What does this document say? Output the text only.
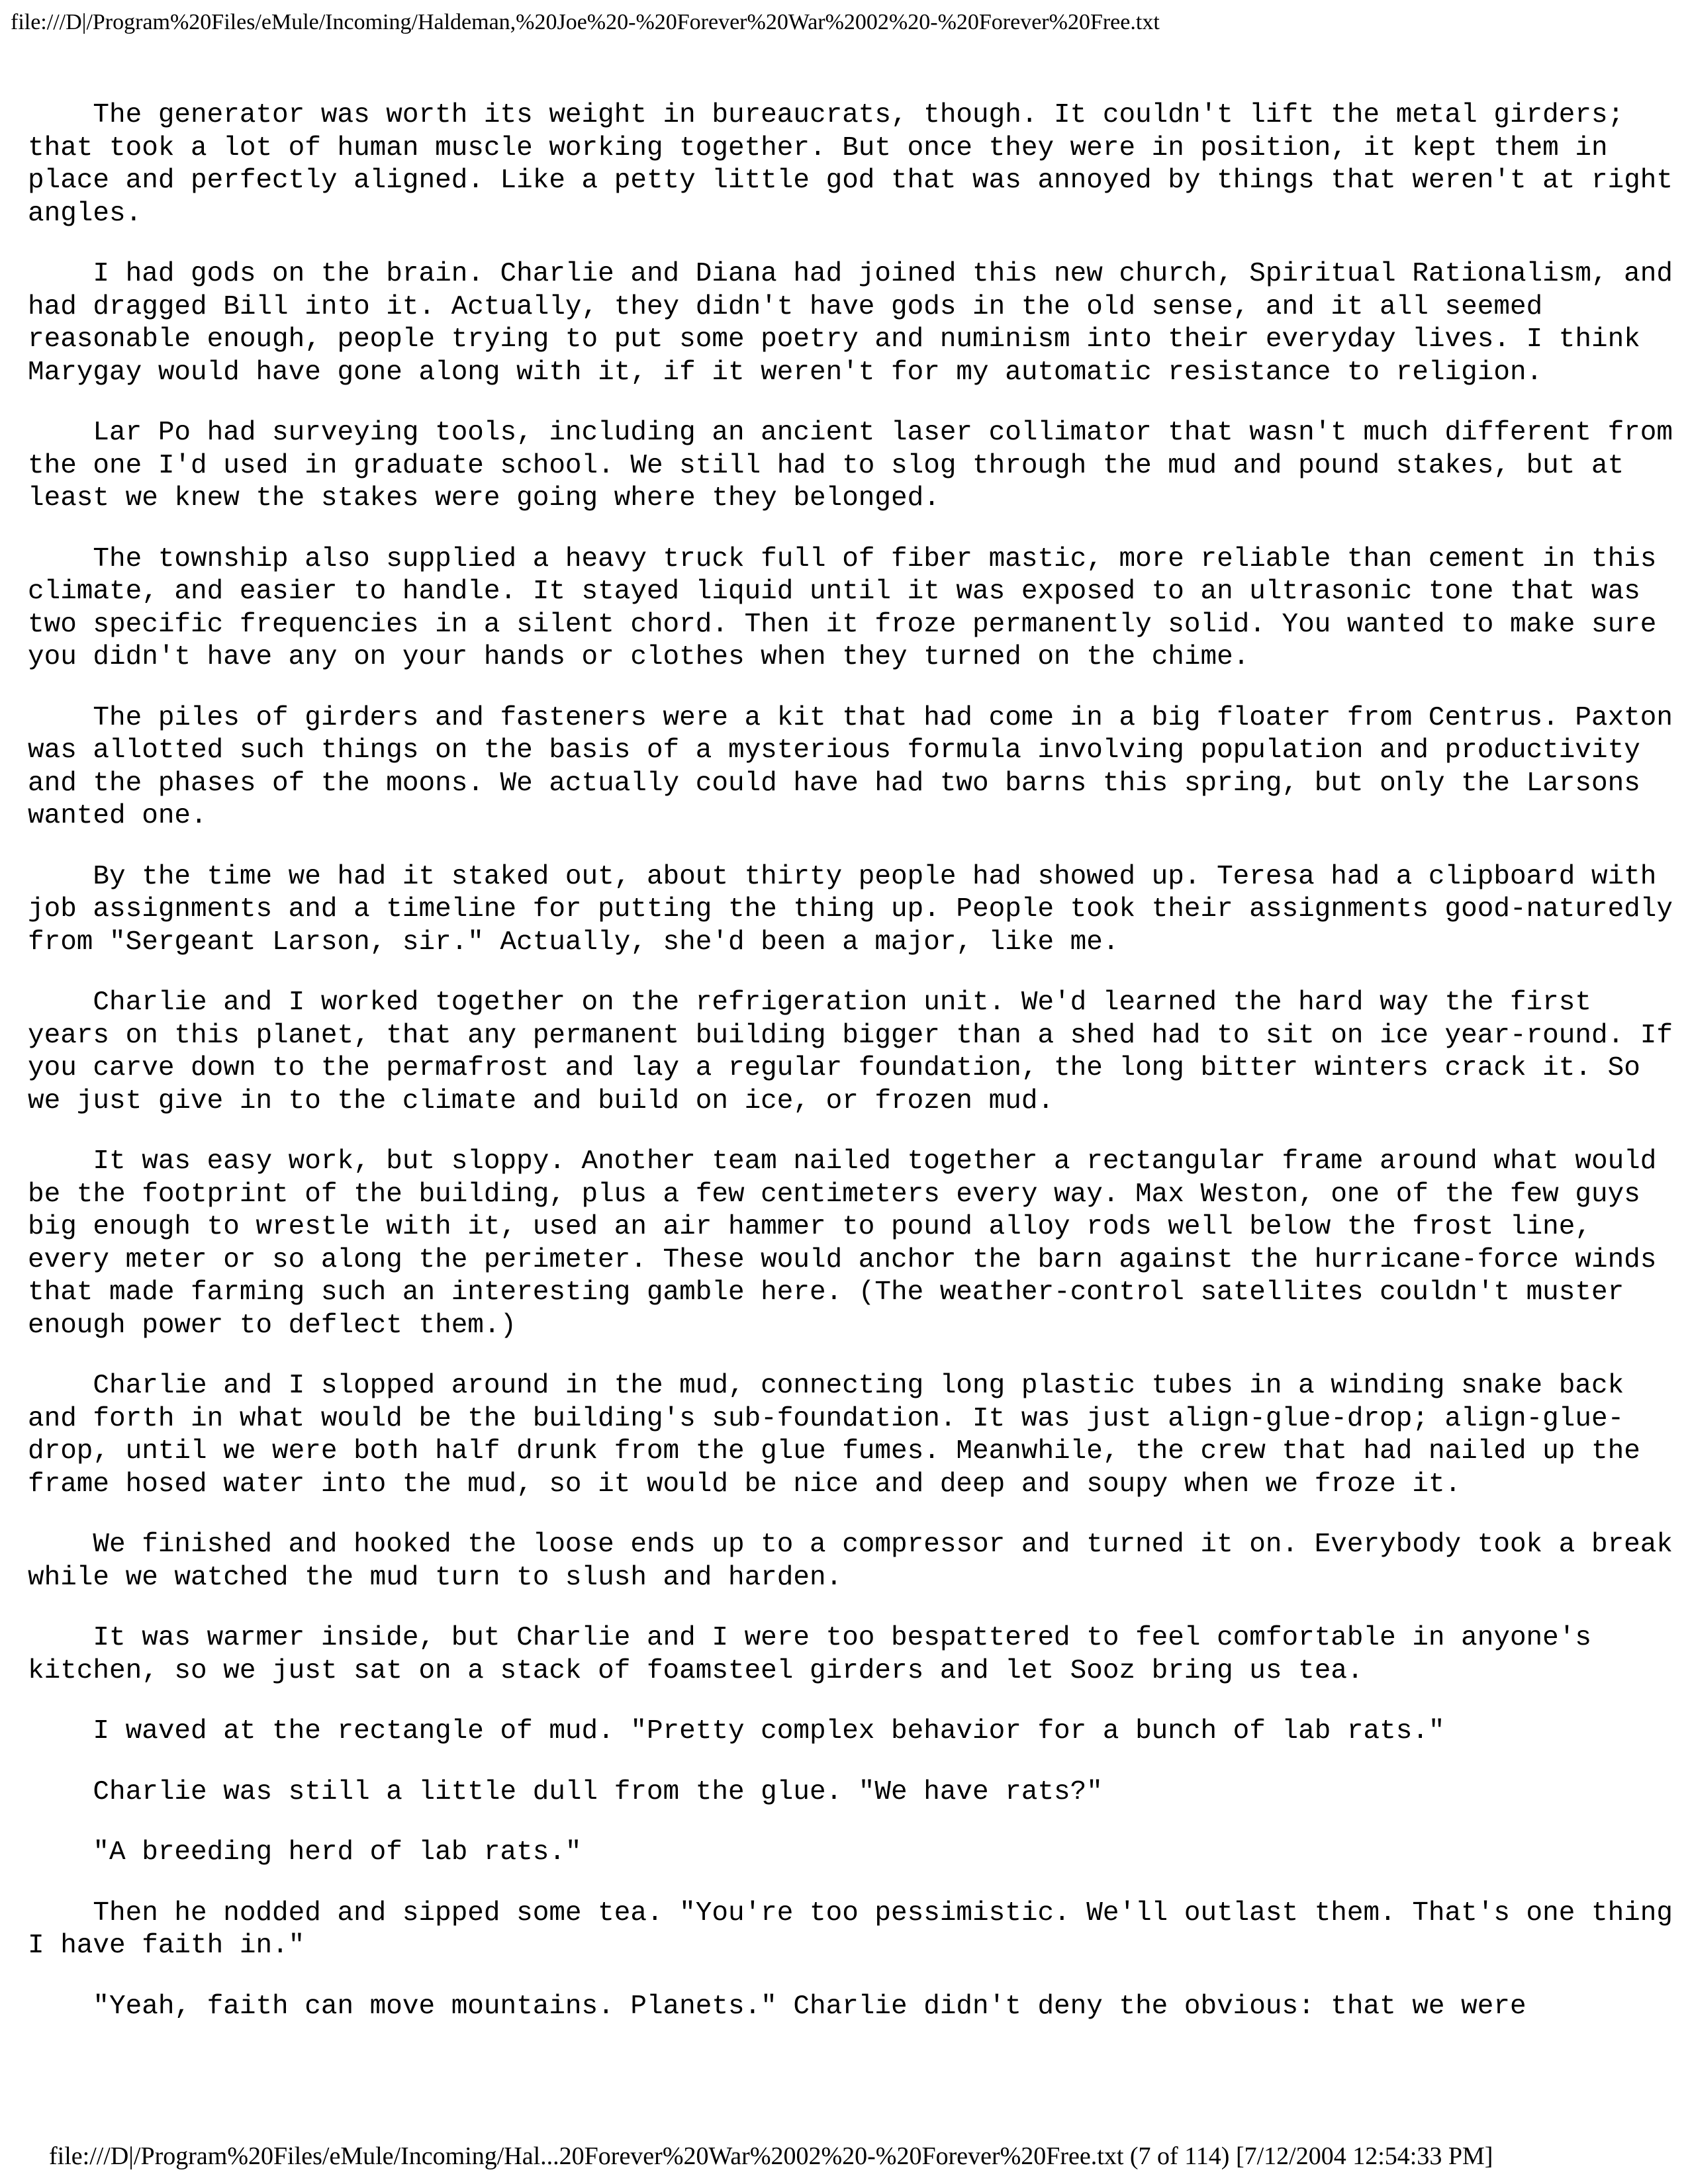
file:///D|/Program%20Files/eMule/Incoming/Haldeman,%20Joe%20-%20Forever%20War%2002%20-%20Forever%20Free.txt

The generator was worth its weight in bureaucrats, though. It couldn't lift the metal girders; that took a lot of human muscle working together. But once they were in position, it kept them in place and perfectly aligned. Like a petty little god that was annoyed by things that weren't at right angles.

I had gods on the brain. Charlie and Diana had joined this new church, Spiritual Rationalism, and had dragged Bill into it. Actually, they didn't have gods in the old sense, and it all seemed reasonable enough, people trying to put some poetry and numinism into their everyday lives. I think Marygay would have gone along with it, if it weren't for my automatic resistance to religion.

Lar Po had surveying tools, including an ancient laser collimator that wasn't much different from the one I'd used in graduate school. We still had to slog through the mud and pound stakes, but at least we knew the stakes were going where they belonged.

The township also supplied a heavy truck full of fiber mastic, more reliable than cement in this climate, and easier to handle. It stayed liquid until it was exposed to an ultrasonic tone that was two specific frequencies in a silent chord. Then it froze permanently solid. You wanted to make sure you didn't have any on your hands or clothes when they turned on the chime.

The piles of girders and fasteners were a kit that had come in a big floater from Centrus. Paxton was allotted such things on the basis of a mysterious formula involving population and productivity and the phases of the moons. We actually could have had two barns this spring, but only the Larsons wanted one.

By the time we had it staked out, about thirty people had showed up. Teresa had a clipboard with job assignments and a timeline for putting the thing up. People took their assignments good-naturedly from "Sergeant Larson, sir." Actually, she'd been a major, like me.

Charlie and I worked together on the refrigeration unit. We'd learned the hard way the first years on this planet, that any permanent building bigger than a shed had to sit on ice year-round. If you carve down to the permafrost and lay a regular foundation, the long bitter winters crack it. So we just give in to the climate and build on ice, or frozen mud.

It was easy work, but sloppy. Another team nailed together a rectangular frame around what would be the footprint of the building, plus a few centimeters every way. Max Weston, one of the few guys big enough to wrestle with it, used an air hammer to pound alloy rods well below the frost line, every meter or so along the perimeter. These would anchor the barn against the hurricane-force winds that made farming such an interesting gamble here. (The weather-control satellites couldn't muster enough power to deflect them.)

Charlie and I slopped around in the mud, connecting long plastic tubes in a winding snake back and forth in what would be the building's sub-foundation. It was just align-glue-drop; align-glue-drop, until we were both half drunk from the glue fumes. Meanwhile, the crew that had nailed up the frame hosed water into the mud, so it would be nice and deep and soupy when we froze it.

We finished and hooked the loose ends up to a compressor and turned it on. Everybody took a break while we watched the mud turn to slush and harden.

It was warmer inside, but Charlie and I were too bespattered to feel comfortable in anyone's kitchen, so we just sat on a stack of foamsteel girders and let Sooz bring us tea.

I waved at the rectangle of mud. "Pretty complex behavior for a bunch of lab rats."

Charlie was still a little dull from the glue. "We have rats?"

"A breeding herd of lab rats."

Then he nodded and sipped some tea. "You're too pessimistic. We'll outlast them. That's one thing I have faith in."

"Yeah, faith can move mountains. Planets." Charlie didn't deny the obvious: that we were

file:///D|/Program%20Files/eMule/Incoming/Hal...20Forever%20War%2002%20-%20Forever%20Free.txt (7 of 114) [7/12/2004 12:54:33 PM]
